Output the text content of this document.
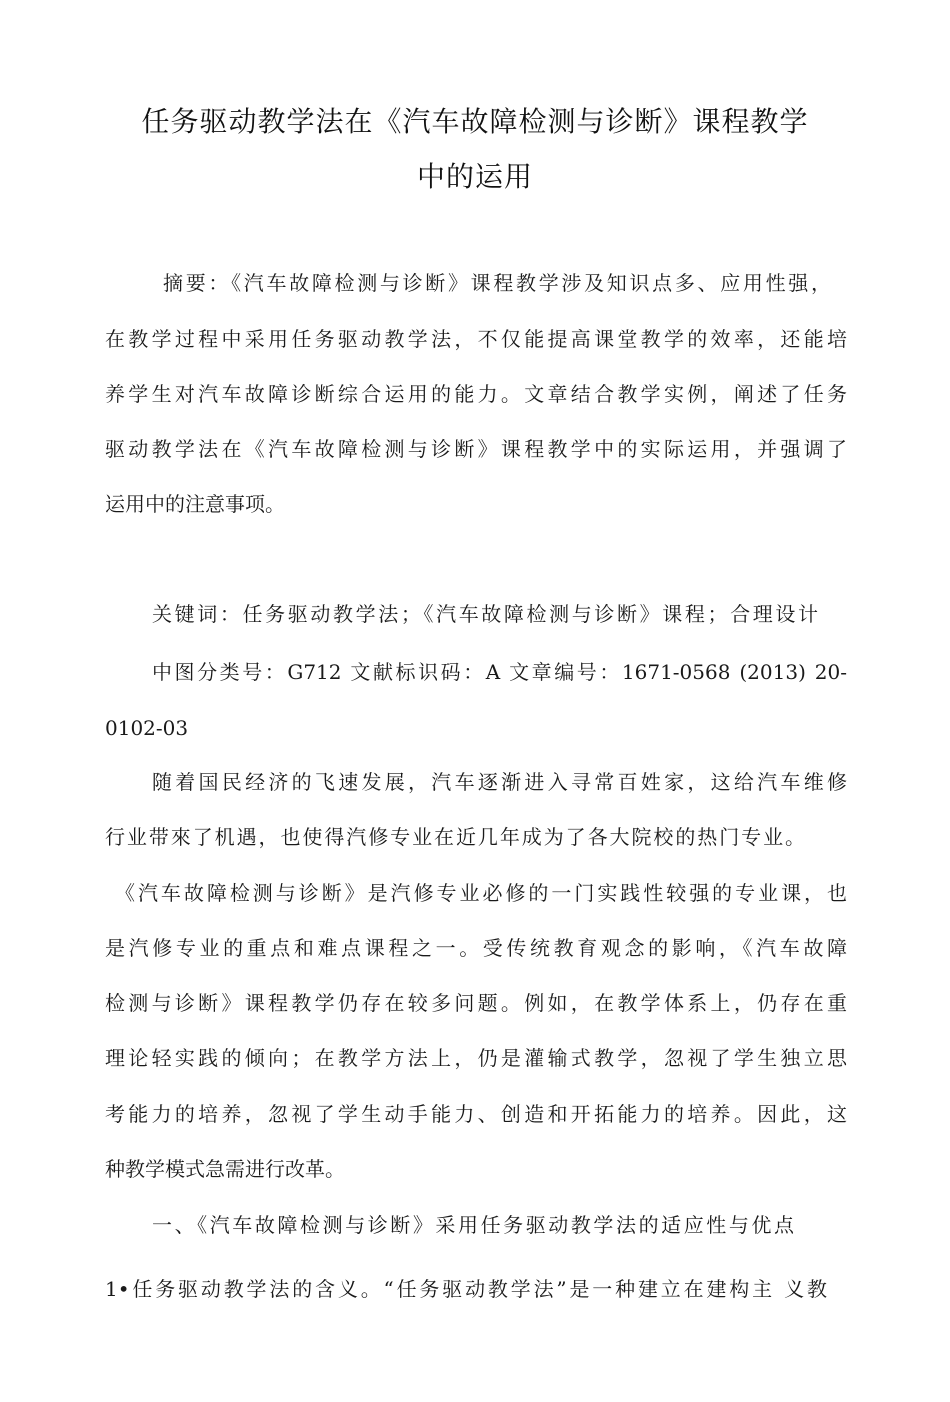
任务驱动教学法在《汽车故障检测与诊断》课程教学
中的运用
摘要：《汽车故障检测与诊断》课程教学涉及知识点多、应用性强，
在教学过程中采用任务驱动教学法，不仅能提高课堂教学的效率，还能培
养学生对汽车故障诊断综合运用的能力。文章结合教学实例，阐述了任务
驱动教学法在《汽车故障检测与诊断》课程教学中的实际运用，并强调了
运用中的注意事项。
关键词：任务驱动教学法；《汽车故障检测与诊断》课程；合理设计
中图分类号：G712 文献标识码：A 文章编号：1671-0568 (2013) 20-
0102-03
随着国民经济的飞速发展，汽车逐渐进入寻常百姓家，这给汽车维修
行业带來了机遇，也使得汽修专业在近几年成为了各大院校的热门专业。
《汽车故障检测与诊断》是汽修专业必修的一门实践性较强的专业课，也
是汽修专业的重点和难点课程之一。受传统教育观念的影响，《汽车故障
检测与诊断》课程教学仍存在较多问题。例如，在教学体系上，仍存在重
理论轻实践的倾向；在教学方法上，仍是灌输式教学，忽视了学生独立思
考能力的培养，忽视了学生动手能力、创造和开拓能力的培养。因此，这
种教学模式急需进行改革。
一、《汽车故障检测与诊断》采用任务驱动教学法的适应性与优点
1•任务驱动教学法的含义。“任务驱动教学法”是一种建立在建构主 义教
